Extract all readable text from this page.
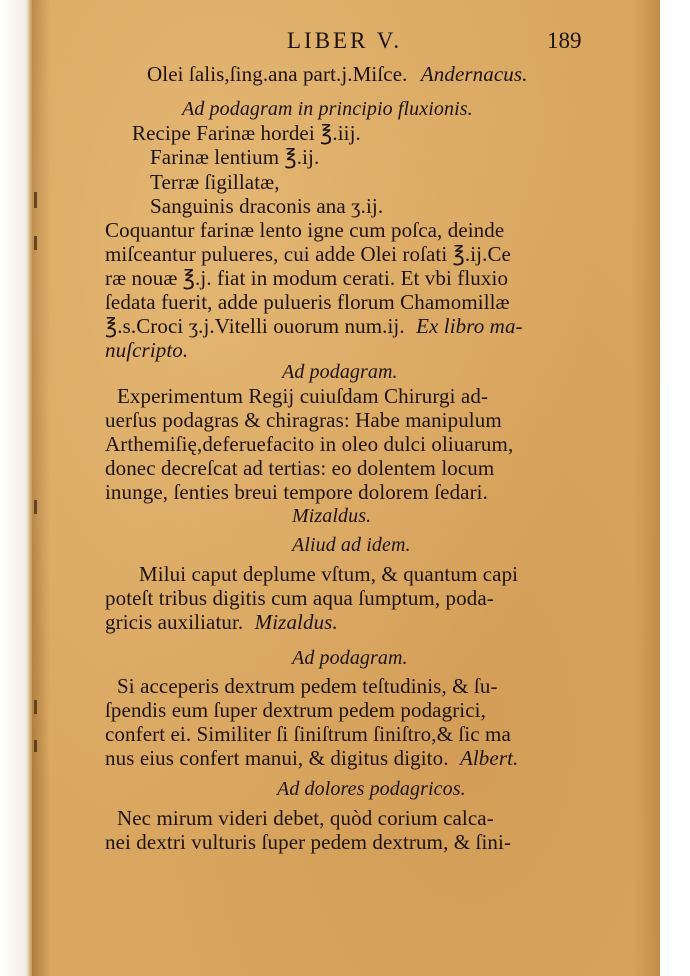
LIBER V.	189
Olei ſalis,ſing.ana part.j.Miſce. Andernacus.
Ad podagram in principio fluxionis.
Recipe Farinæ hordei ℥.iij.
Farinæ lentium ℥.ij.
Terræ ſigillatæ,
Sanguinis draconis ana ʒ.ij.
Coquantur farinæ lento igne cum poſca, deinde
miſceantur pulueres, cui adde Olei roſati ℥.ij.Ce
ræ nouæ ℥.j. fiat in modum cerati. Et vbi fluxio
ſedata fuerit, adde pulueris florum Chamomillæ
℥.s.Croci ʒ.j.Vitelli ouorum num.ij. Ex libro ma-
nuſcripto.
Ad podagram.
Experimentum Regij cuiuſdam Chirurgi ad-
uerſus podagras & chiragras: Habe manipulum
Arthemiſię,deferuefacito in oleo dulci oliuarum,
donec decreſcat ad tertias: eo dolentem locum
inunge, ſenties breui tempore dolorem ſedari.
Mizaldus.
Aliud ad idem.
Milui caput deplume vſtum, & quantum capi
poteſt tribus digitis cum aqua ſumptum, poda-
gricis auxiliatur. Mizaldus.
Ad podagram.
Si acceperis dextrum pedem teſtudinis, & ſu-
ſpendis eum ſuper dextrum pedem podagrici,
confert ei. Similiter ſi ſiniſtrum ſiniſtro,& ſic ma
nus eius confert manui, & digitus digito. Albert.
Ad dolores podagricos.
Nec mirum videri debet, quòd corium calca-
nei dextri vulturis ſuper pedem dextrum, & ſini-
